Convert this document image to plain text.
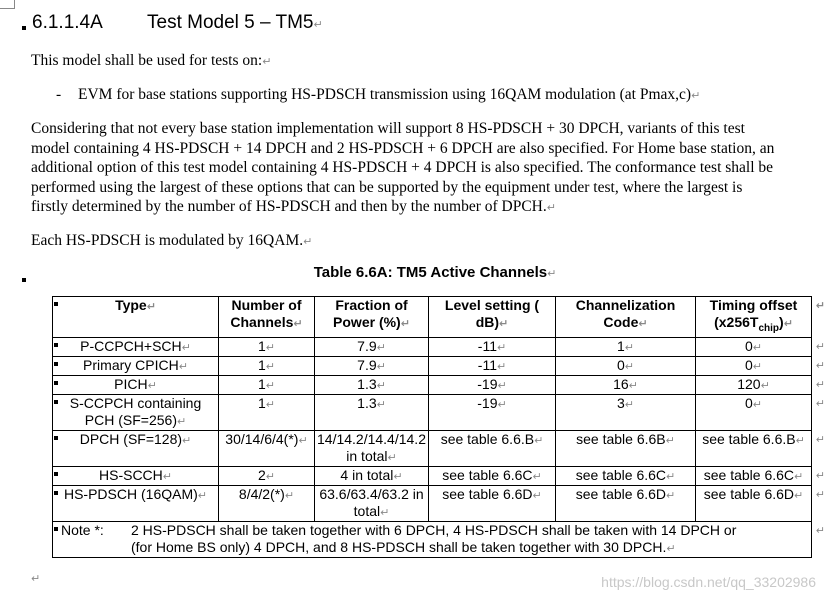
6.1.1.4A Test Model 5 – TM5↵
This model shall be used for tests on:↵
- EVM for base stations supporting HS-PDSCH transmission using 16QAM modulation (at Pmax,c)↵
Considering that not every base station implementation will support 8 HS-PDSCH + 30 DPCH, variants of this test
model containing 4 HS-PDSCH + 14 DPCH and 2 HS-PDSCH + 6 DPCH are also specified. For Home base station, an
additional option of this test model containing 4 HS-PDSCH + 4 DPCH is also specified. The conformance test shall be
performed using the largest of these options that can be supported by the equipment under test, where the largest is
firstly determined by the number of HS-PDSCH and then by the number of DPCH.↵
Each HS-PDSCH is modulated by 16QAM.↵
Table 6.6A: TM5 Active Channels↵
Type↵	Number of Channels↵	Fraction of Power (%)↵	Level setting ( dB)↵	Channelization Code↵	Timing offset $(x256T_{chip})↵$
↵

P-CCPCH+SCH↵	1↵	7.9↵	-11↵	1↵	0↵ ↵

Primary CPICH↵	1↵	7.9↵	-11↵	0↵	0↵ ↵

PICH↵	1↵	1.3↵	-19↵	16↵	120↵ ↵

S-CCPCH containing PCH (SF=256)↵	1↵	1.3↵	-19↵	3↵	0↵ ↵

DPCH (SF=128)↵	30/14/6/4(*)↵	14/14.2/14.4/14.2 in total↵	see table 6.6.B↵	see table 6.6B↵	see table 6.6.B↵ ↵

HS-SCCH↵	2↵	4 in total↵	see table 6.6C↵	see table 6.6C↵	see table 6.6C↵ ↵

HS-PDSCH (16QAM)↵	8/4/2(*)↵	63.6/63.4/63.2 in total↵	see table 6.6D↵	see table 6.6D↵	see table 6.6D↵ ↵

Note *: 2 HS-PDSCH shall be taken together with 6 DPCH, 4 HS-PDSCH shall be taken with 14 DPCH or
(for Home BS only) 4 DPCH, and 8 HS-PDSCH shall be taken together with 30 DPCH.↵
↵					
↵	https://blog.csdn.net/qq_33202986
